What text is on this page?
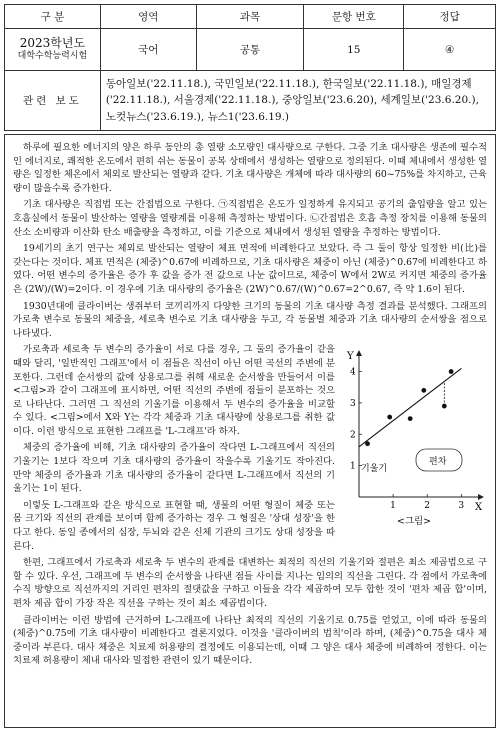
구 분	영역	과목	문항 번호	정답

2023학년도
대학수학능력시험	국어	공통	15	④
관련 보도	동아일보('22.11.18.), 국민일보('22.11.18.), 한국일보('22.11.18.), 매일경제('22.11.18.), 서울경제('22.11.18.), 중앙일보('23.6.20), 세계일보('23.6.20.), 노컷뉴스('23.6.19.), 뉴스1('23.6.19.)			

하루에 필요한 에너지의 양은 하루 동안의 총 열량 소모량인 대사량으로 구한다. 그중 기초 대사량은 생존에 필수적인 에너지로, 쾌적한 온도에서 편히 쉬는 동물이 공복 상태에서 생성하는 열량으로 정의된다. 이때 체내에서 생성한 열량은 일정한 체온에서 체외로 발산되는 열량과 같다. 기초 대사량은 개체에 따라 대사량의 60~75%를 차지하고, 근육량이 많을수록 증가한다.

기초 대사량은 직접법 또는 간접법으로 구한다. ㉠직접법은 온도가 일정하게 유지되고 공기의 출입량을 알고 있는 호흡실에서 동물이 발산하는 열량을 열량계를 이용해 측정하는 방법이다. ㉡간접법은 호흡 측정 장치를 이용해 동물의 산소 소비량과 이산화 탄소 배출량을 측정하고, 이를 기준으로 체내에서 생성된 열량을 추정하는 방법이다.

19세기의 초기 연구는 체외로 발산되는 열량이 체표 면적에 비례한다고 보았다. 즉 그 둘이 항상 일정한 비(比)를 갖는다는 것이다. 체표 면적은 (체중)^0.67에 비례하므로, 기초 대사량은 체중이 아닌 (체중)^0.67에 비례한다고 하였다. 어떤 변수의 증가율은 증가 후 값을 증가 전 값으로 나눈 값이므로, 체중이 W에서 2W로 커지면 체중의 증가율은 (2W)/(W)=2이다. 이 경우에 기초 대사량의 증가율은 (2W)^0.67/(W)^0.67=2^0.67, 즉 약 1.6이 된다.

1930년대에 클라이버는 생쥐부터 코끼리까지 다양한 크기의 동물의 기초 대사량 측정 결과를 분석했다. 그래프의 가로축 변수로 동물의 체중을, 세로축 변수로 기초 대사량을 두고, 각 동물별 체중과 기초 대사량의 순서쌍을 점으로 나타냈다.

Y
X
1	2	3
1
2
3
4
기울기
편차
<그림>

가로축과 세로축 두 변수의 증가율이 서로 다를 경우, 그 둘의 증가율이 같을 때와 달리, '일반적인 그래프'에서 이 점들은 직선이 아닌 어떤 곡선의 주변에 분포한다. 그런데 순서쌍의 값에 상용로그를 취해 새로운 순서쌍을 만들어서 이를 <그림>과 같이 그래프에 표시하면, 어떤 직선의 주변에 점들이 분포하는 것으로 나타난다. 그러면 그 직선의 기울기를 이용해서 두 변수의 증가율을 비교할 수 있다. <그림>에서 X와 Y는 각각 체중과 기초 대사량에 상용로그를 취한 값이다. 이런 방식으로 표현한 그래프를 'L-그래프'라 하자.

체중의 증가율에 비해, 기초 대사량의 증가율이 작다면 L-그래프에서 직선의 기울기는 1보다 작으며 기초 대사량의 증가율이 작을수록 기울기도 작아진다. 만약 체중의 증가율과 기초 대사량의 증가율이 같다면 L-그래프에서 직선의 기울기는 1이 된다.

이렇듯 L-그래프와 같은 방식으로 표현할 때, 생물의 어떤 형질이 체중 또는 몸 크기와 직선의 관계를 보이며 함께 증가하는 경우 그 형질은 '상대 성장'을 한다고 한다. 동일 종에서의 심장, 두뇌와 같은 신체 기관의 크기도 상대 성장을 따른다.

한편, 그래프에서 가로축과 세로축 두 변수의 관계를 대변하는 최적의 직선의 기울기와 절편은 최소 제곱법으로 구할 수 있다. 우선, 그래프에 두 변수의 순서쌍을 나타낸 점들 사이를 지나는 임의의 직선을 그린다. 각 점에서 가로축에 수직 방향으로 직선까지의 거리인 편차의 절댓값을 구하고 이들을 각각 제곱하여 모두 합한 것이 '편차 제곱 합'이며, 편차 제곱 합이 가장 작은 직선을 구하는 것이 최소 제곱법이다.

클라이버는 이런 방법에 근거하여 L-그래프에 나타난 최적의 직선의 기울기로 0.75를 얻었고, 이에 따라 동물의 (체중)^0.75에 기초 대사량이 비례한다고 결론지었다. 이것을 '클라이버의 법칙'이라 하며, (체중)^0.75을 대사 체중이라 부른다. 대사 체중은 치료제 허용량의 결정에도 이용되는데, 이때 그 양은 대사 체중에 비례하여 정한다. 이는 치료제 허용량이 체내 대사와 밀접한 관련이 있기 때문이다.
